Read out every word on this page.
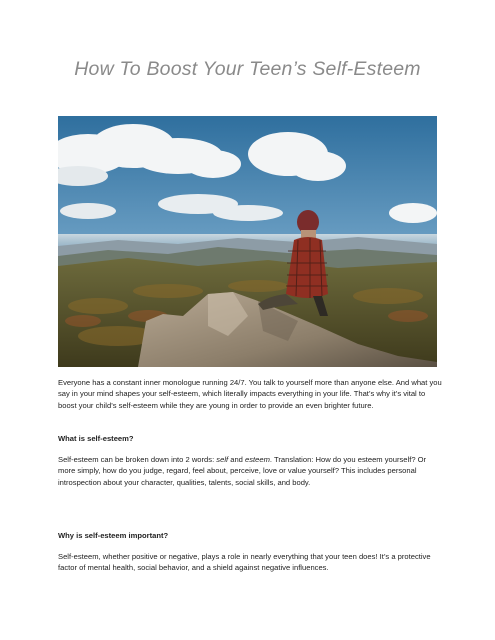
How To Boost Your Teen’s Self-Esteem

Everyone has a constant inner monologue running 24/7. You talk to yourself more than anyone else. And what you say in your mind shapes your self-esteem, which literally impacts everything in your life. That’s why it’s vital to boost your child’s self-esteem while they are young in order to provide an even brighter future.

What is self-esteem?

Self-esteem can be broken down into 2 words: self and esteem. Translation: How do you esteem yourself? Or more simply, how do you judge, regard, feel about, perceive, love or value yourself? This includes personal introspection about your character, qualities, talents, social skills, and body.

Why is self-esteem important?

Self-esteem, whether positive or negative, plays a role in nearly everything that your teen does! It’s a protective factor of mental health, social behavior, and a shield against negative influences.
